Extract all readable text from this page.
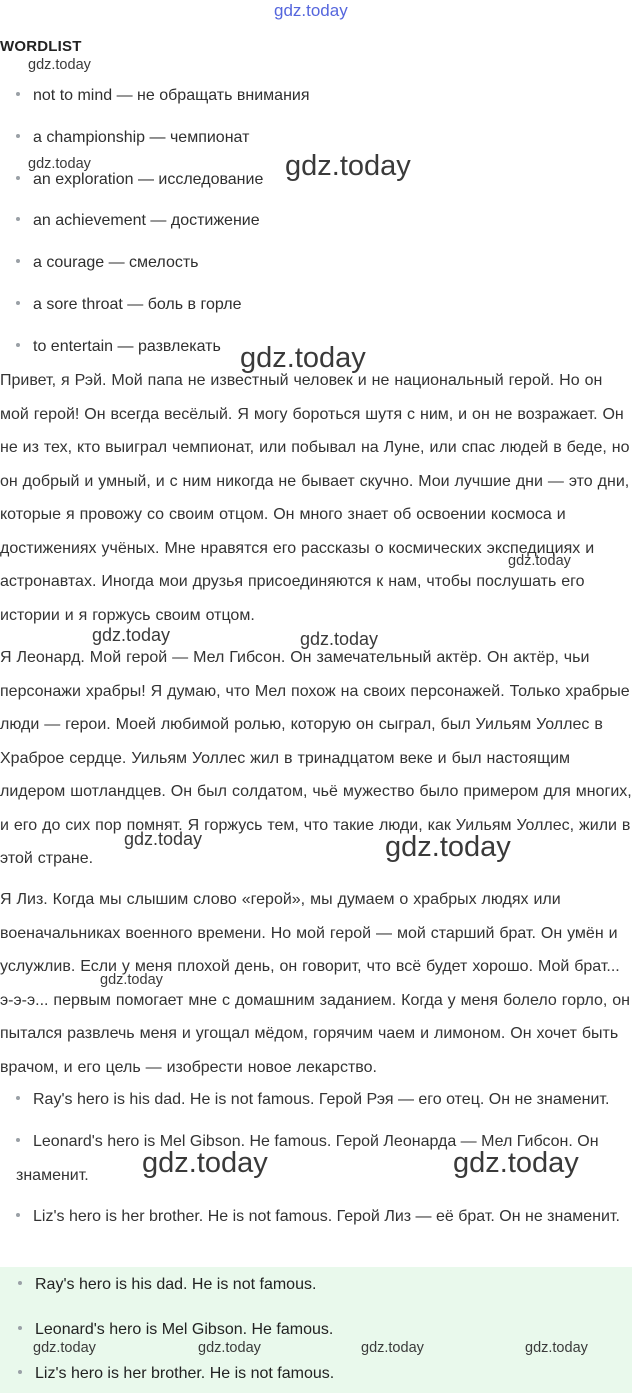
gdz.today
WORDLIST
not to mind — не обращать внимания
a championship — чемпионат
an exploration — исследование
an achievement — достижение
a courage — смелость
a sore throat — боль в горле
to entertain — развлекать
Привет, я Рэй. Мой папа не известный человек и не национальный герой. Но он мой герой! Он всегда весёлый. Я могу бороться шутя с ним, и он не возражает. Он не из тех, кто выиграл чемпионат, или побывал на Луне, или спас людей в беде, но он добрый и умный, и с ним никогда не бывает скучно. Мои лучшие дни — это дни, которые я провожу со своим отцом. Он много знает об освоении космоса и достижениях учёных. Мне нравятся его рассказы о космических экспедициях и астронавтах. Иногда мои друзья присоединяются к нам, чтобы послушать его истории и я горжусь своим отцом.
Я Леонард. Мой герой — Мел Гибсон. Он замечательный актёр. Он актёр, чьи персонажи храбры! Я думаю, что Мел похож на своих персонажей. Только храбрые люди — герои. Моей любимой ролью, которую он сыграл, был Уильям Уоллес в Храброе сердце. Уильям Уоллес жил в тринадцатом веке и был настоящим лидером шотландцев. Он был солдатом, чьё мужество было примером для многих, и его до сих пор помнят. Я горжусь тем, что такие люди, как Уильям Уоллес, жили в этой стране.
Я Лиз. Когда мы слышим слово «герой», мы думаем о храбрых людях или военачальниках военного времени. Но мой герой — мой старший брат. Он умён и услужлив. Если у меня плохой день, он говорит, что всё будет хорошо. Мой брат... э-э-э... первым помогает мне с домашним заданием. Когда у меня болело горло, он пытался развлечь меня и угощал мёдом, горячим чаем и лимоном. Он хочет быть врачом, и его цель — изобрести новое лекарство.
Ray's hero is his dad. He is not famous. Герой Рэя — его отец. Он не знаменит.
Leonard's hero is Mel Gibson. He famous. Герой Леонарда — Мел Гибсон. Он знаменит.
Liz's hero is her brother. He is not famous. Герой Лиз — её брат. Он не знаменит.
Ray's hero is his dad. He is not famous.
Leonard's hero is Mel Gibson. He famous.
Liz's hero is her brother. He is not famous.
gdz.today
gdz.today	gdz.today
gdz.today
gdz.today
gdz.today	gdz.today
gdz.today	gdz.today
gdz.today
gdz.today	gdz.today
gdz.today	gdz.today	gdz.today	gdz.today
